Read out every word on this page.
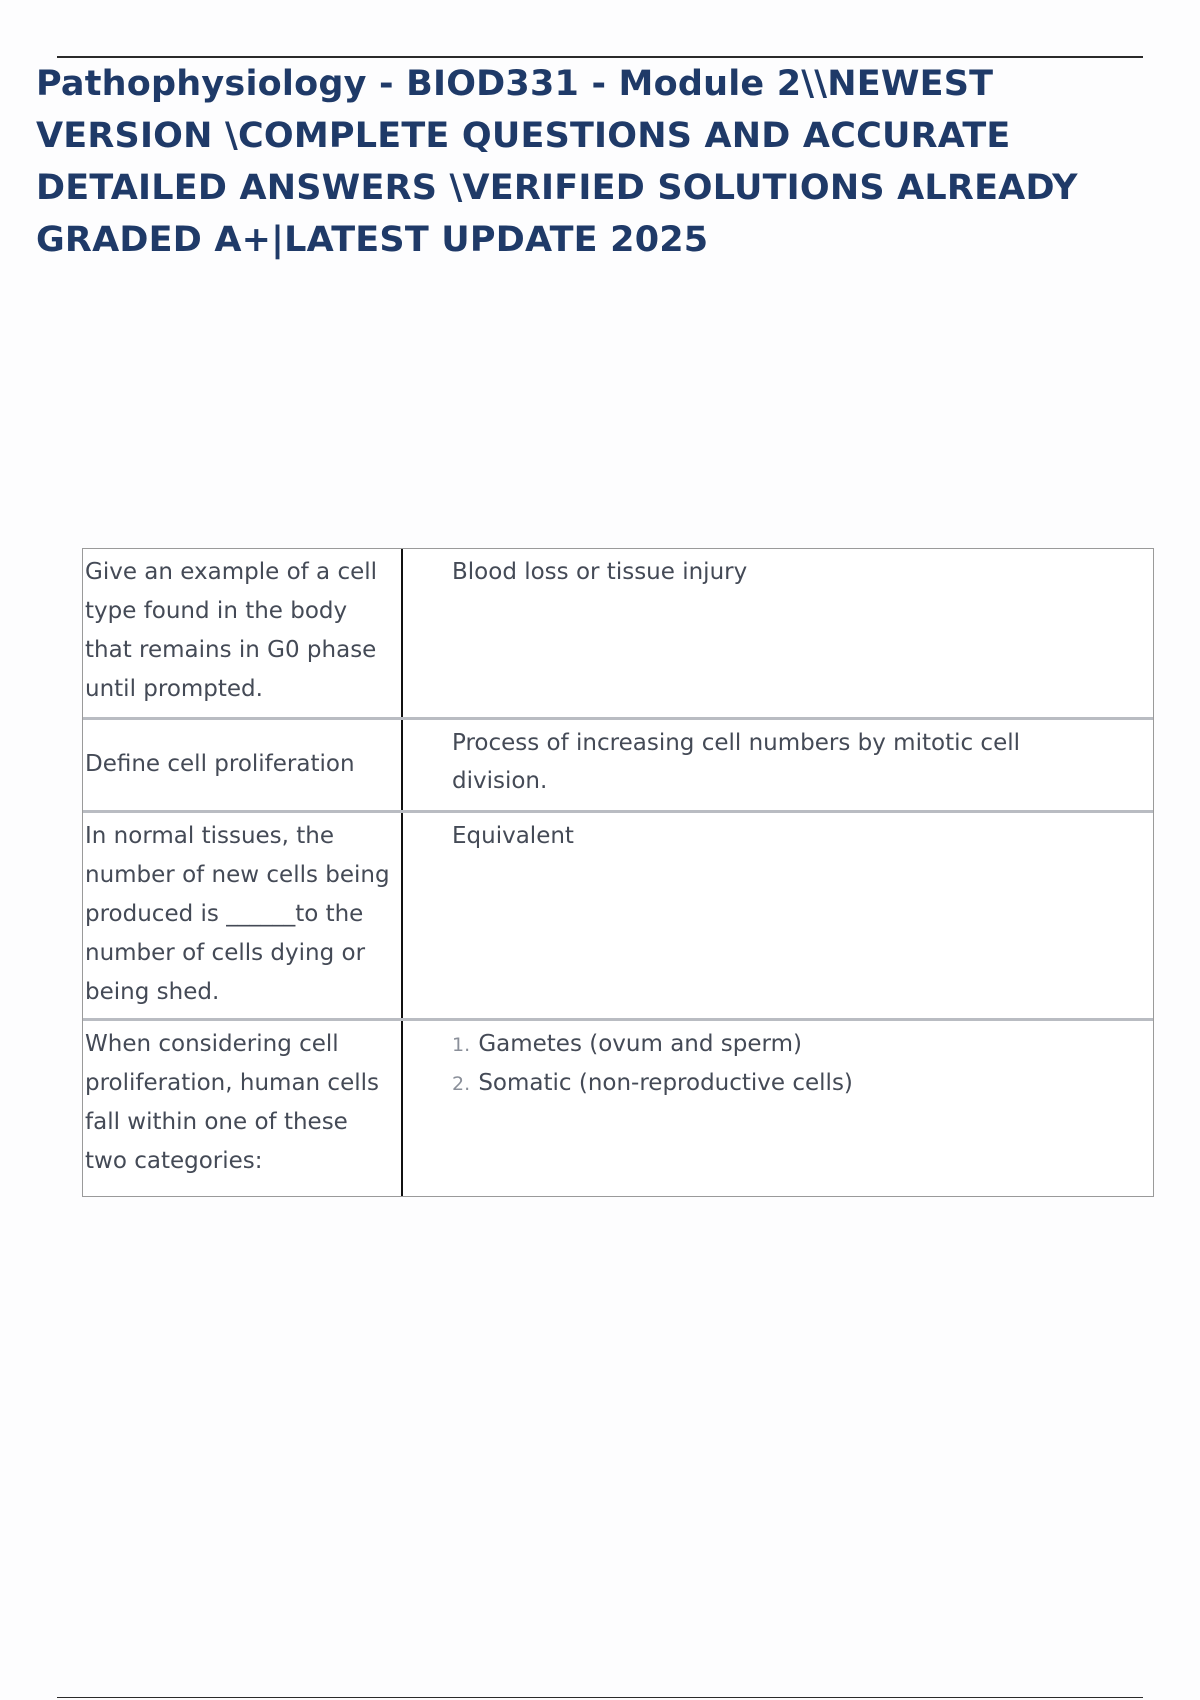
Pathophysiology - BIOD331 - Module 2\\NEWEST VERSION \COMPLETE QUESTIONS AND ACCURATE DETAILED ANSWERS \VERIFIED SOLUTIONS ALREADY GRADED A+|LATEST UPDATE 2025
Give an example of a cell type found in the body that remains in G0 phase until prompted.
Blood loss or tissue injury
Define cell proliferation
Process of increasing cell numbers by mitotic cell division.
In normal tissues, the number of new cells being produced is ______to the number of cells dying or being shed.
Equivalent
When considering cell proliferation, human cells fall within one of these two categories:
1. Gametes (ovum and sperm)
2. Somatic (non-reproductive cells)
